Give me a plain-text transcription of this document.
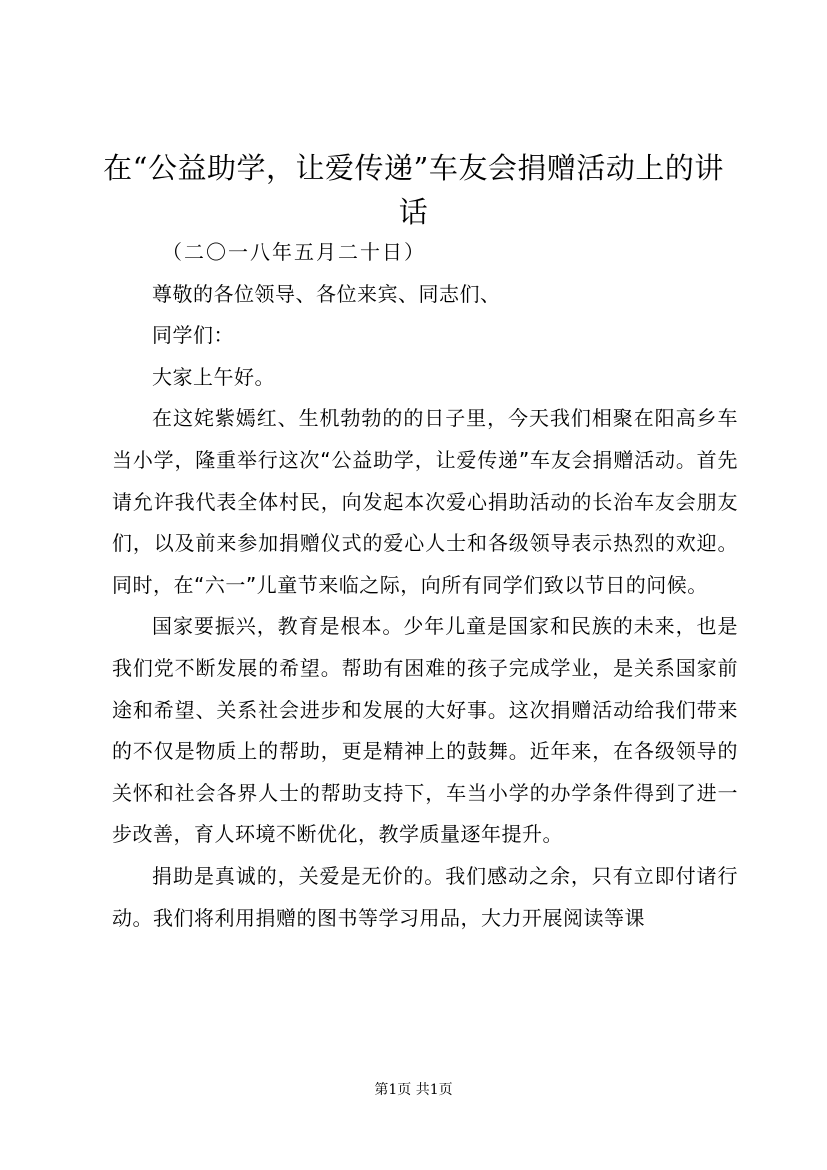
在“公益助学，让爱传递”车友会捐赠活动上的讲话

（二〇一八年五月二十日）

尊敬的各位领导、各位来宾、同志们、

同学们：

大家上午好。

在这姹紫嫣红、生机勃勃的的日子里，今天我们相聚在阳高乡车当小学，隆重举行这次“公益助学，让爱传递”车友会捐赠活动。首先请允许我代表全体村民，向发起本次爱心捐助活动的长治车友会朋友们，以及前来参加捐赠仪式的爱心人士和各级领导表示热烈的欢迎。同时，在“六一”儿童节来临之际，向所有同学们致以节日的问候。

国家要振兴，教育是根本。少年儿童是国家和民族的未来，也是我们党不断发展的希望。帮助有困难的孩子完成学业，是关系国家前途和希望、关系社会进步和发展的大好事。这次捐赠活动给我们带来的不仅是物质上的帮助，更是精神上的鼓舞。近年来，在各级领导的关怀和社会各界人士的帮助支持下，车当小学的办学条件得到了进一步改善，育人环境不断优化，教学质量逐年提升。

捐助是真诚的，关爱是无价的。我们感动之余，只有立即付诸行动。我们将利用捐赠的图书等学习用品，大力开展阅读等课

第1页 共1页
